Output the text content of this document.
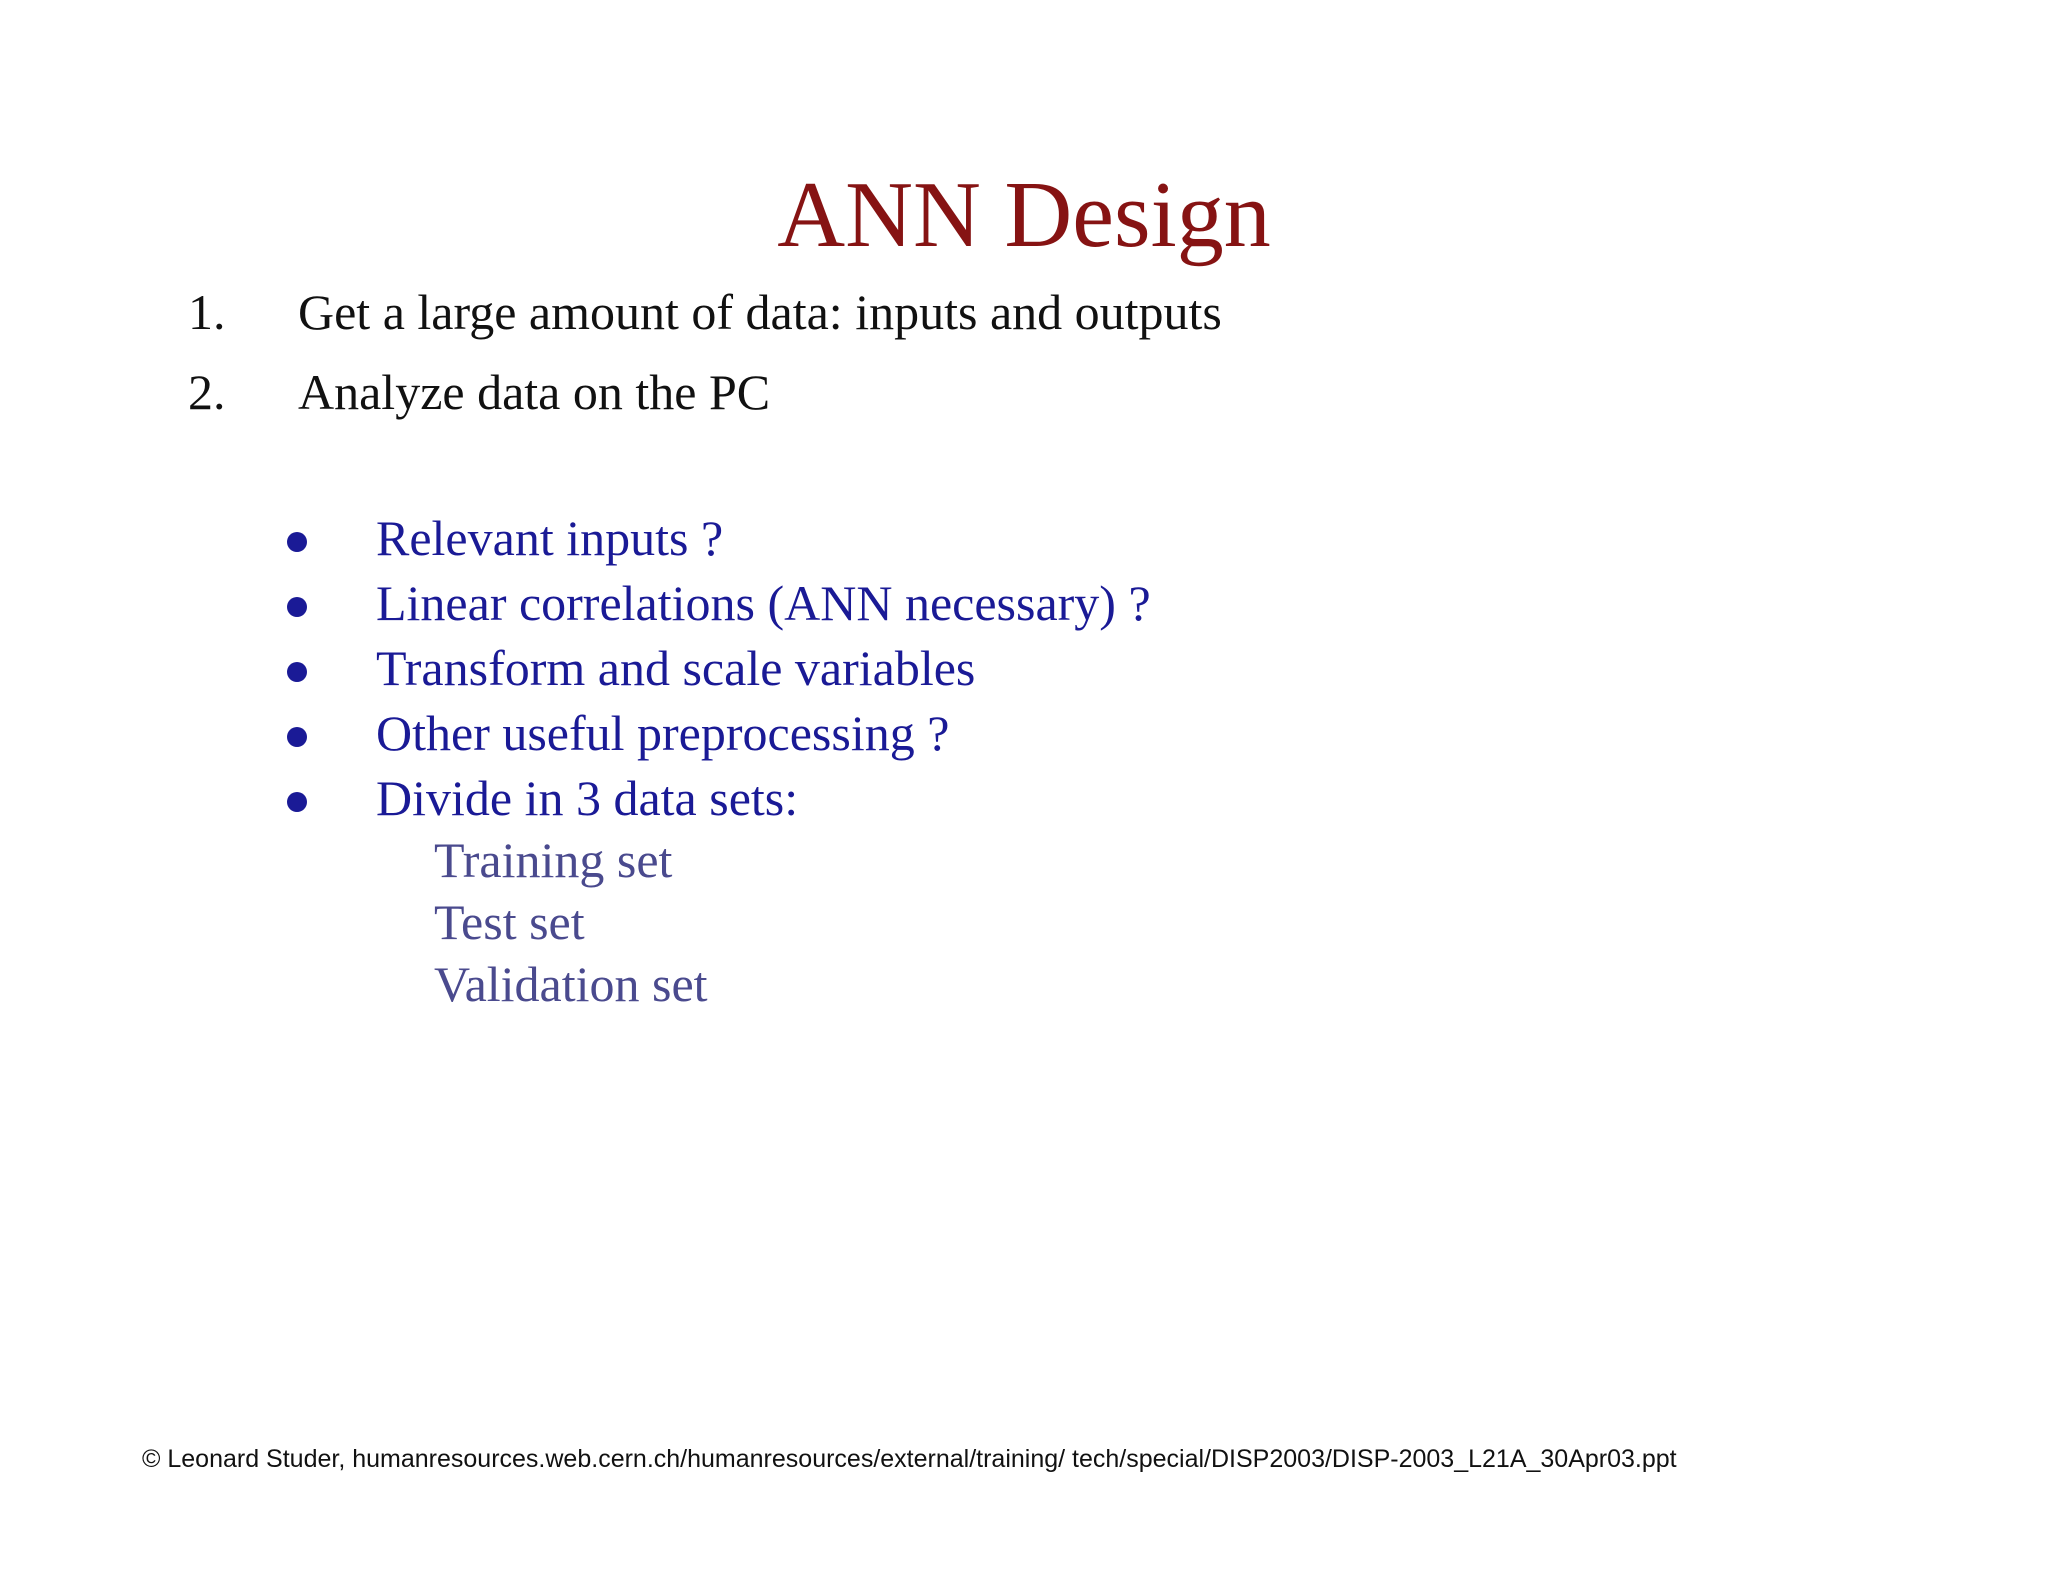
ANN Design
1. Get a large amount of data: inputs and outputs
2. Analyze data on the PC
Relevant inputs ?
Linear correlations (ANN necessary) ?
Transform and scale variables
Other useful preprocessing ?
Divide in 3 data sets:
Training set
Test set
Validation set
© Leonard Studer, humanresources.web.cern.ch/humanresources/external/training/ tech/special/DISP2003/DISP-2003_L21A_30Apr03.ppt
